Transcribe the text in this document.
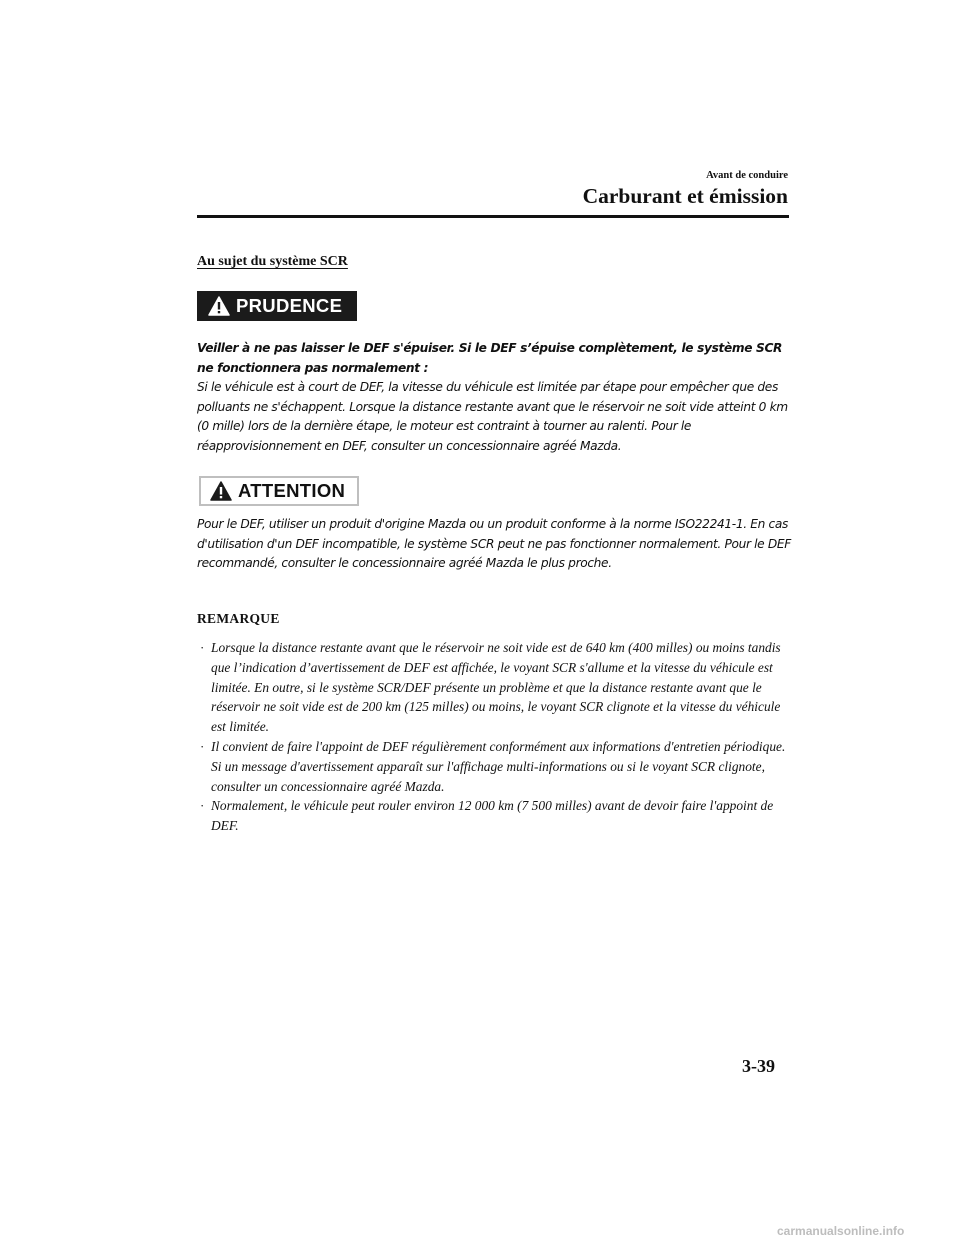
Avant de conduire
Carburant et émission
Au sujet du système SCR
PRUDENCE

Veiller à ne pas laisser le DEF s'épuiser. Si le DEF s’épuise complètement, le système SCR ne fonctionnera pas normalement :

Si le véhicule est à court de DEF, la vitesse du véhicule est limitée par étape pour empêcher que des polluants ne s'échappent. Lorsque la distance restante avant que le réservoir ne soit vide atteint 0 km (0 mille) lors de la dernière étape, le moteur est contraint à tourner au ralenti. Pour le réapprovisionnement en DEF, consulter un concessionnaire agréé Mazda.

ATTENTION

Pour le DEF, utiliser un produit d'origine Mazda ou un produit conforme à la norme ISO22241-1. En cas d'utilisation d'un DEF incompatible, le système SCR peut ne pas fonctionner normalement. Pour le DEF recommandé, consulter le concessionnaire agréé Mazda le plus proche.

REMARQUE
· Lorsque la distance restante avant que le réservoir ne soit vide est de 640 km (400 milles) ou moins tandis que l’indication d’avertissement de DEF est affichée, le voyant SCR s'allume et la vitesse du véhicule est limitée. En outre, si le système SCR/DEF présente un problème et que la distance restante avant que le réservoir ne soit vide est de 200 km (125 milles) ou moins, le voyant SCR clignote et la vitesse du véhicule est limitée.
· Il convient de faire l'appoint de DEF régulièrement conformément aux informations d'entretien périodique. Si un message d'avertissement apparaît sur l'affichage multi-informations ou si le voyant SCR clignote, consulter un concessionnaire agréé Mazda.
· Normalement, le véhicule peut rouler environ 12 000 km (7 500 milles) avant de devoir faire l'appoint de DEF.
3-39
carmanualsonline.info
